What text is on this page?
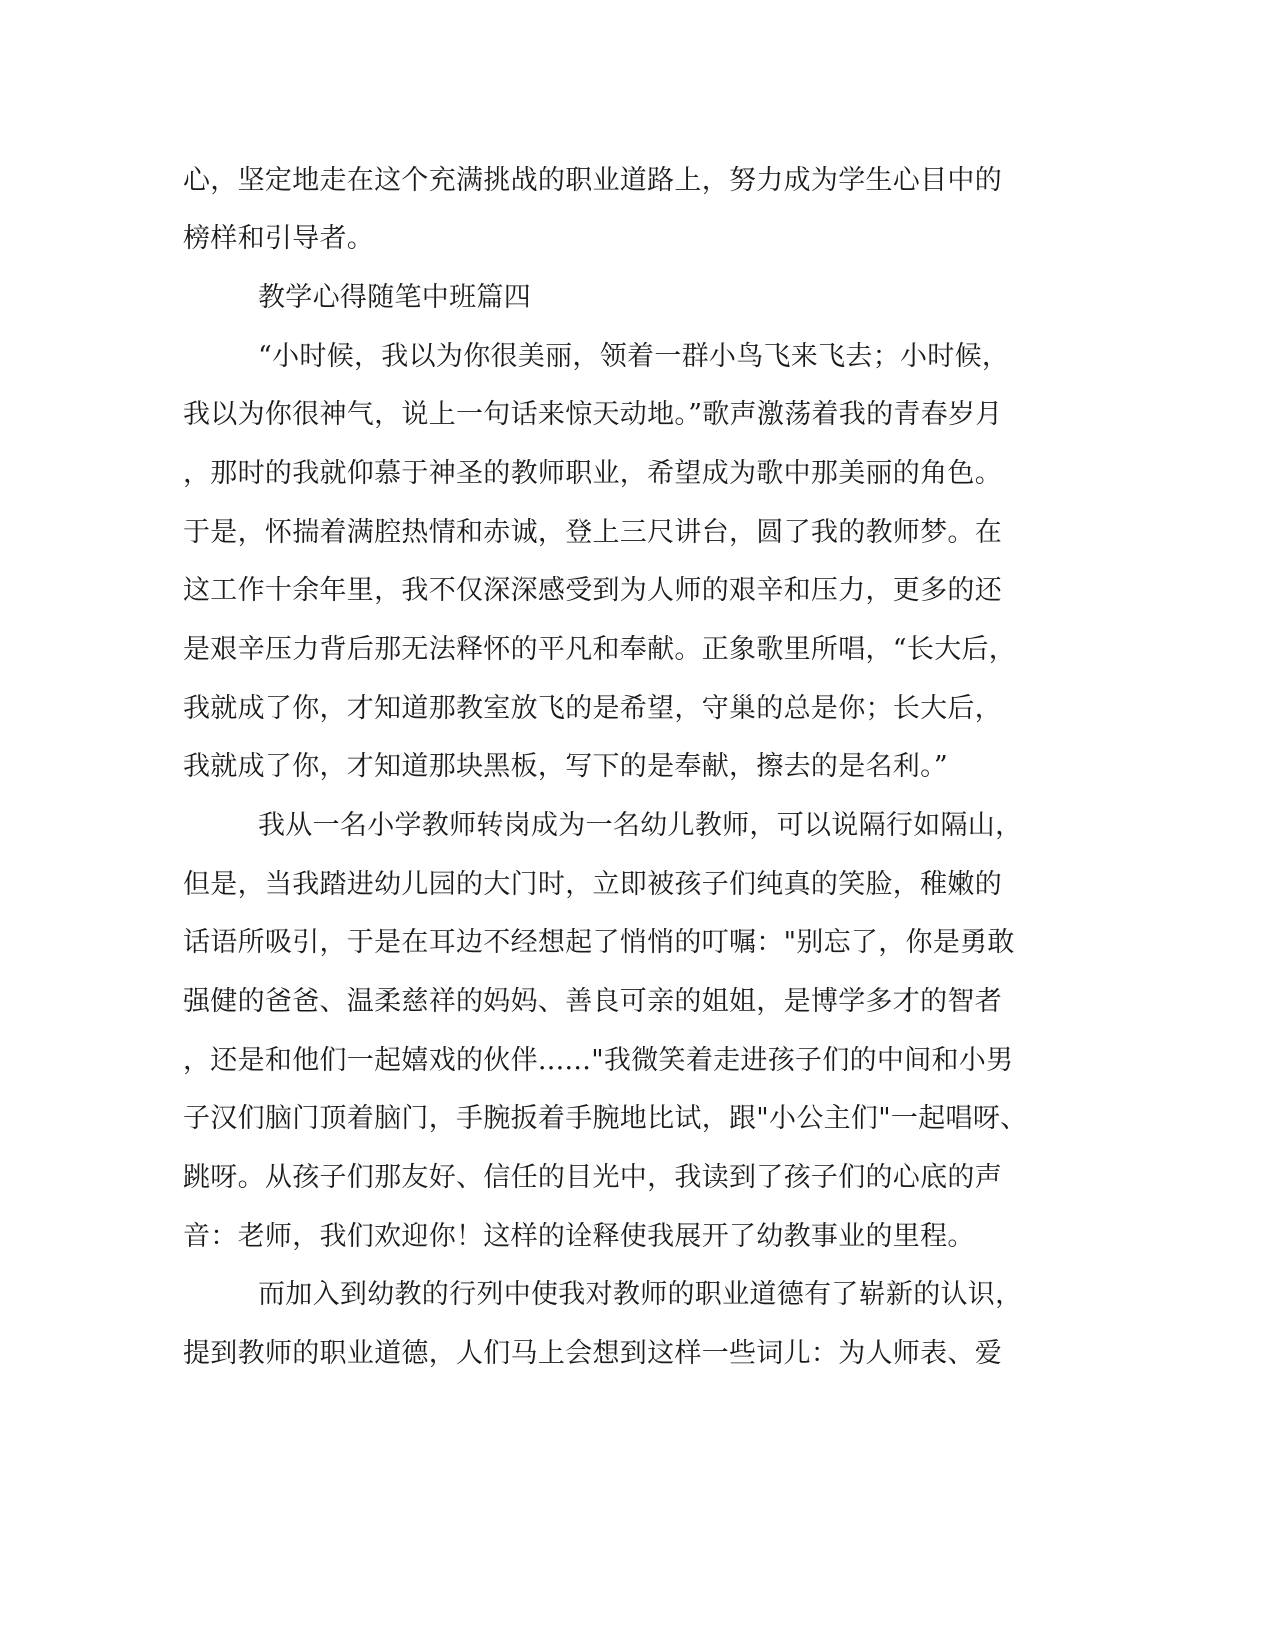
心，坚定地走在这个充满挑战的职业道路上，努力成为学生心目中的
榜样和引导者。
教学心得随笔中班篇四
“小时候，我以为你很美丽，领着一群小鸟飞来飞去；小时候，
我以为你很神气，说上一句话来惊天动地。”歌声激荡着我的青春岁月
，那时的我就仰慕于神圣的教师职业，希望成为歌中那美丽的角色。
于是，怀揣着满腔热情和赤诚，登上三尺讲台，圆了我的教师梦。在
这工作十余年里，我不仅深深感受到为人师的艰辛和压力，更多的还
是艰辛压力背后那无法释怀的平凡和奉献。正象歌里所唱，“长大后，
我就成了你，才知道那教室放飞的是希望，守巢的总是你；长大后，
我就成了你，才知道那块黑板，写下的是奉献，擦去的是名利。”
我从一名小学教师转岗成为一名幼儿教师，可以说隔行如隔山，
但是，当我踏进幼儿园的大门时，立即被孩子们纯真的笑脸，稚嫩的
话语所吸引，于是在耳边不经想起了悄悄的叮嘱："别忘了，你是勇敢
强健的爸爸、温柔慈祥的妈妈、善良可亲的姐姐，是博学多才的智者
，还是和他们一起嬉戏的伙伴......"我微笑着走进孩子们的中间和小男
子汉们脑门顶着脑门，手腕扳着手腕地比试，跟"小公主们"一起唱呀、
跳呀。从孩子们那友好、信任的目光中，我读到了孩子们的心底的声
音：老师，我们欢迎你！这样的诠释使我展开了幼教事业的里程。
而加入到幼教的行列中使我对教师的职业道德有了崭新的认识，
提到教师的职业道德，人们马上会想到这样一些词儿：为人师表、爱
